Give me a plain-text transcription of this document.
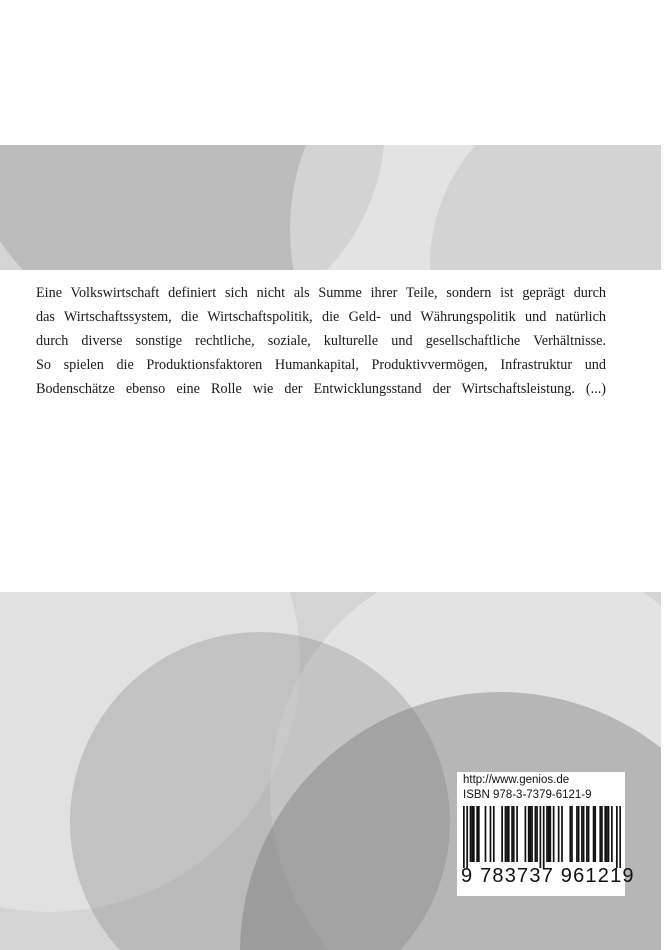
Eine Volkswirtschaft definiert sich nicht als Summe ihrer Teile, sondern ist geprägt durch
das Wirtschaftssystem, die Wirtschaftspolitik, die Geld- und Währungspolitik und natürlich
durch diverse sonstige rechtliche, soziale, kulturelle und gesellschaftliche Verhältnisse.
So spielen die Produktionsfaktoren Humankapital, Produktivvermögen, Infrastruktur und
Bodenschätze ebenso eine Rolle wie der Entwicklungsstand der Wirtschaftsleistung. (...)
http://www.genios.de
ISBN 978-3-7379-6121-9
9 783737 961219
